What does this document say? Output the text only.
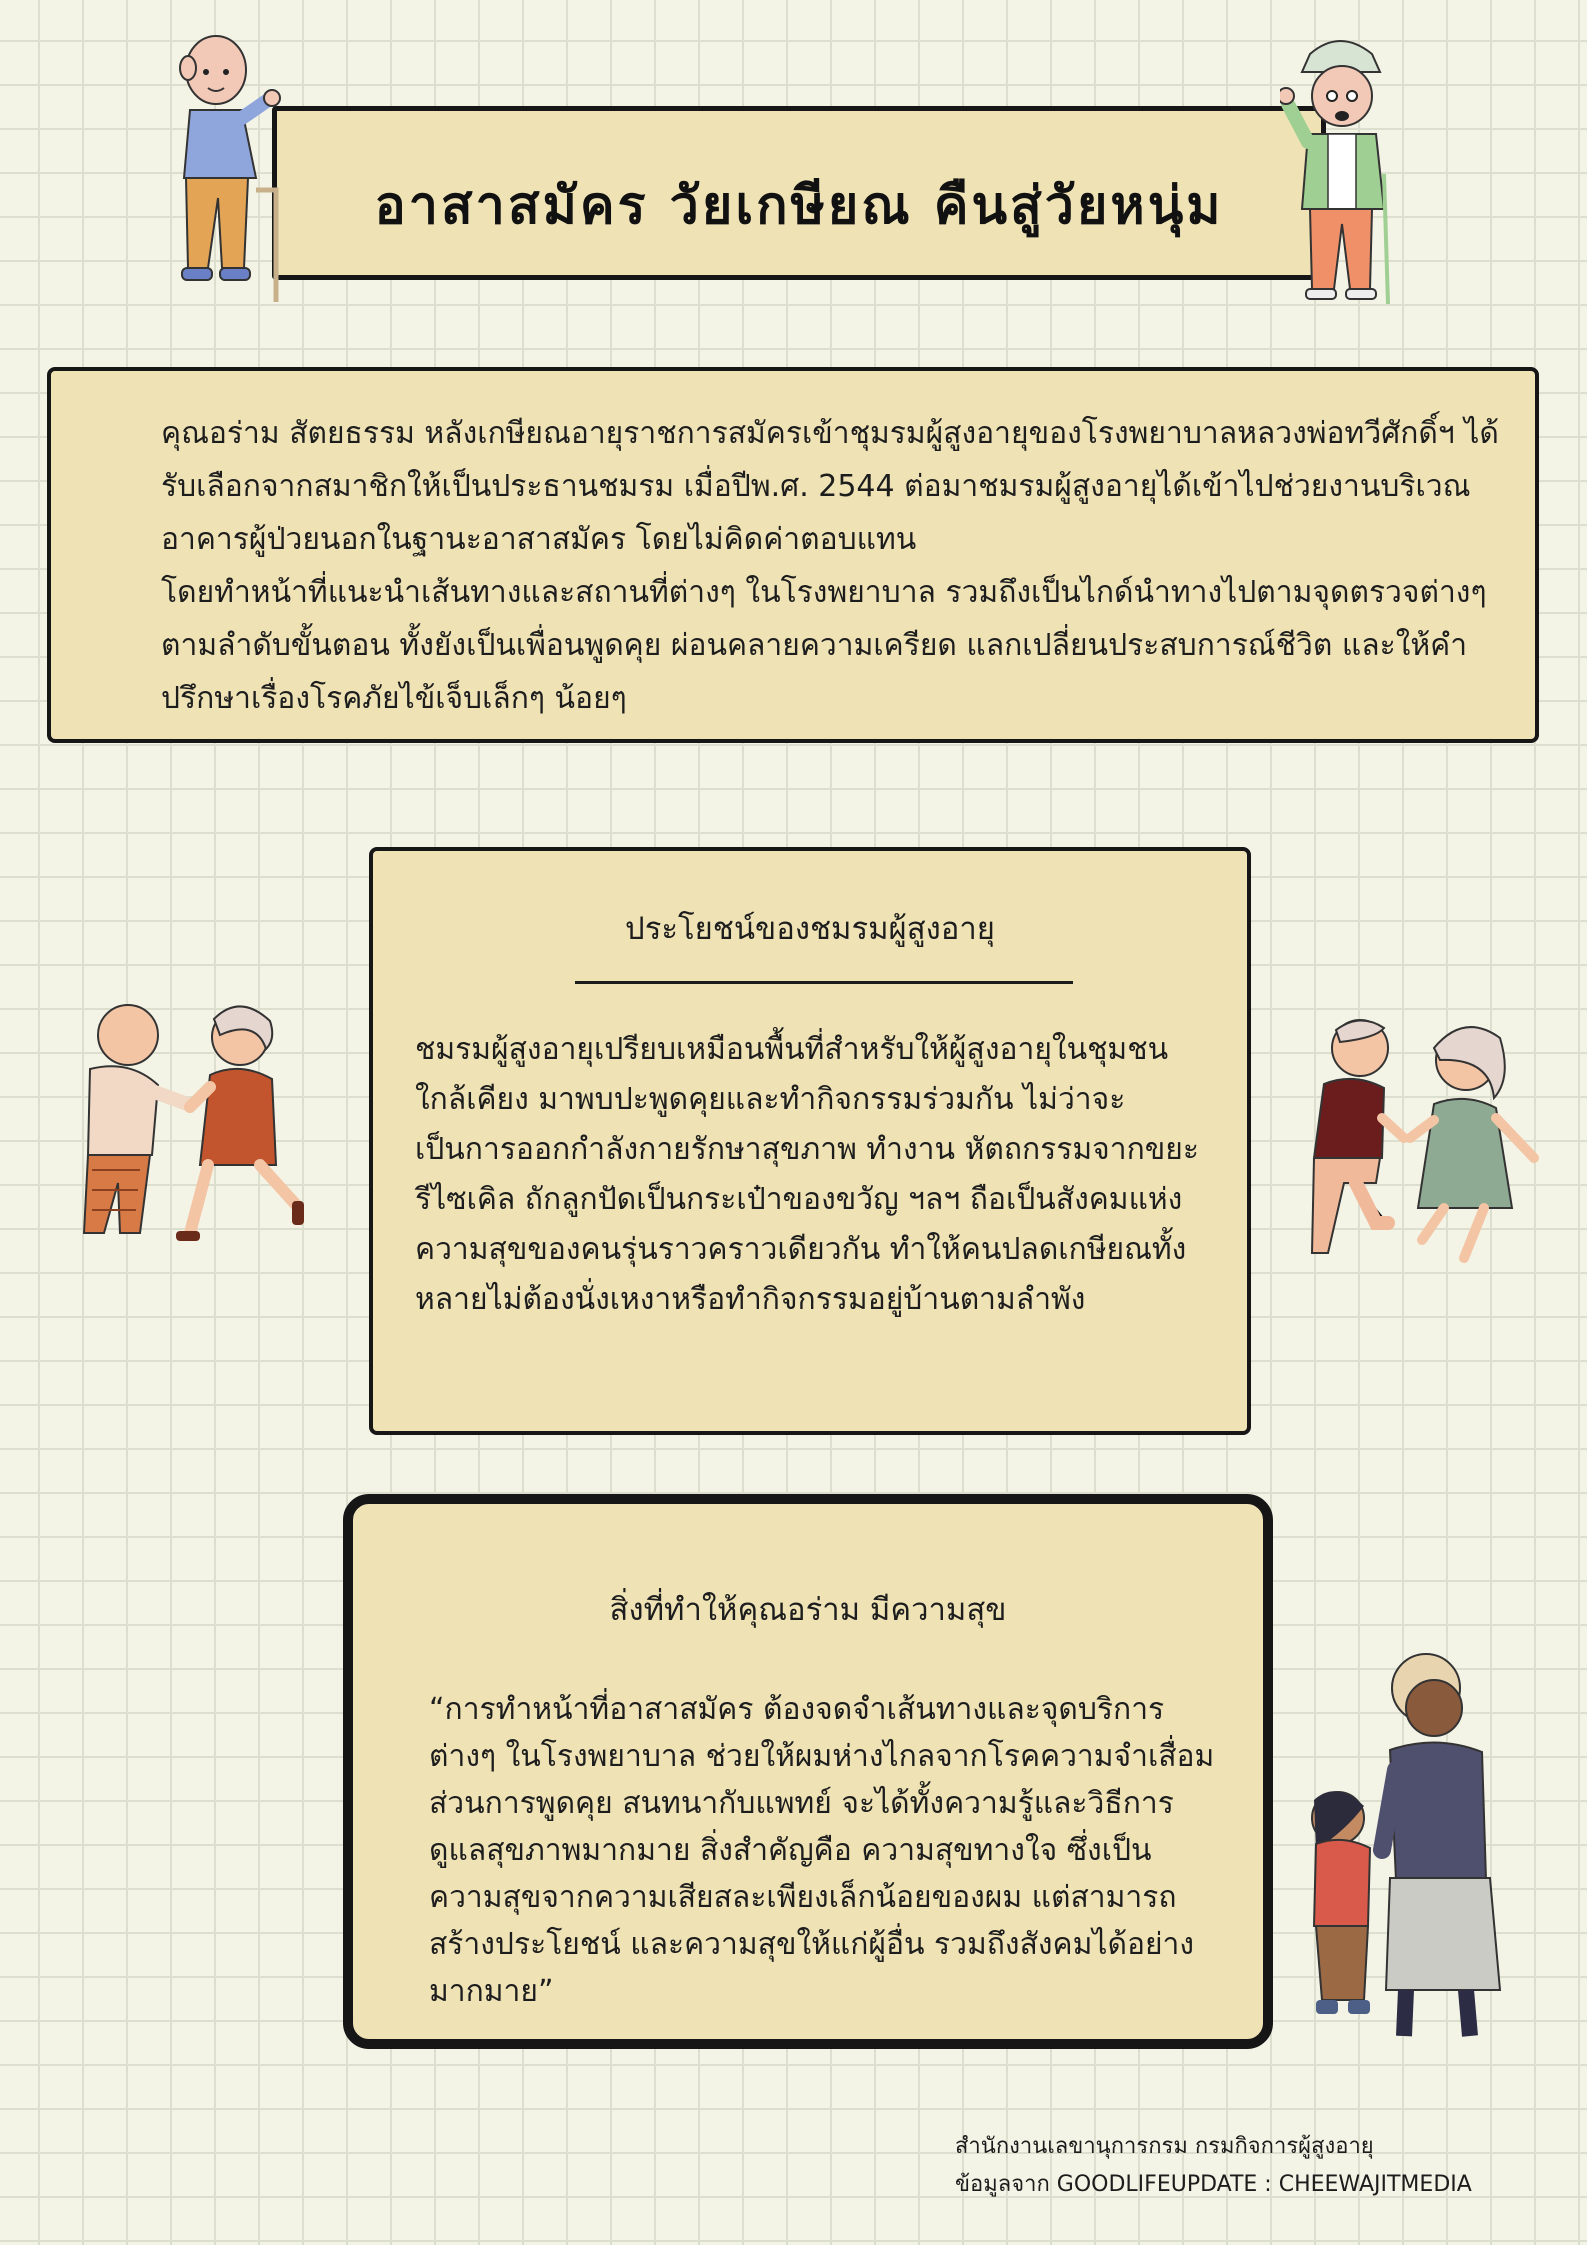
อาสาสมัคร วัยเกษียณ คืนสู่วัยหนุ่ม
คุณอร่าม สัตยธรรม หลังเกษียณอายุราชการสมัครเข้าชุมรมผู้สูงอายุของโรงพยาบาลหลวงพ่อทวีศักดิ์ฯ ได้รับเลือกจากสมาชิกให้เป็นประธานชมรม เมื่อปีพ.ศ. 2544 ต่อมาชมรมผู้สูงอายุได้เข้าไปช่วยงานบริเวณอาคารผู้ป่วยนอกในฐานะอาสาสมัคร โดยไม่คิดค่าตอบแทน
โดยทำหน้าที่แนะนำเส้นทางและสถานที่ต่างๆ ในโรงพยาบาล รวมถึงเป็นไกด์นำทางไปตามจุดตรวจต่างๆ ตามลำดับขั้นตอน ทั้งยังเป็นเพื่อนพูดคุย ผ่อนคลายความเครียด แลกเปลี่ยนประสบการณ์ชีวิต และให้คำปรึกษาเรื่องโรคภัยไข้เจ็บเล็กๆ น้อยๆ
ประโยชน์ของชมรมผู้สูงอายุ
ชมรมผู้สูงอายุเปรียบเหมือนพื้นที่สำหรับให้ผู้สูงอายุในชุมชนใกล้เคียง มาพบปะพูดคุยและทำกิจกรรมร่วมกัน ไม่ว่าจะเป็นการออกกำลังกายรักษาสุขภาพ ทำงาน หัตถกรรมจากขยะรีไซเคิล ถักลูกปัดเป็นกระเป๋าของขวัญ ฯลฯ ถือเป็นสังคมแห่งความสุขของคนรุ่นราวคราวเดียวกัน ทำให้คนปลดเกษียณทั้งหลายไม่ต้องนั่งเหงาหรือทำกิจกรรมอยู่บ้านตามลำพัง
สิ่งที่ทำให้คุณอร่าม มีความสุข
“การทำหน้าที่อาสาสมัคร ต้องจดจำเส้นทางและจุดบริการต่างๆ ในโรงพยาบาล ช่วยให้ผมห่างไกลจากโรคความจำเสื่อม ส่วนการพูดคุย สนทนากับแพทย์ จะได้ทั้งความรู้และวิธีการดูแลสุขภาพมากมาย สิ่งสำคัญคือ ความสุขทางใจ ซึ่งเป็นความสุขจากความเสียสละเพียงเล็กน้อยของผม แต่สามารถสร้างประโยชน์ และความสุขให้แก่ผู้อื่น รวมถึงสังคมได้อย่างมากมาย”
สำนักงานเลขานุการกรม กรมกิจการผู้สูงอายุ
ข้อมูลจาก GOODLIFEUPDATE : CHEEWAJITMEDIA
